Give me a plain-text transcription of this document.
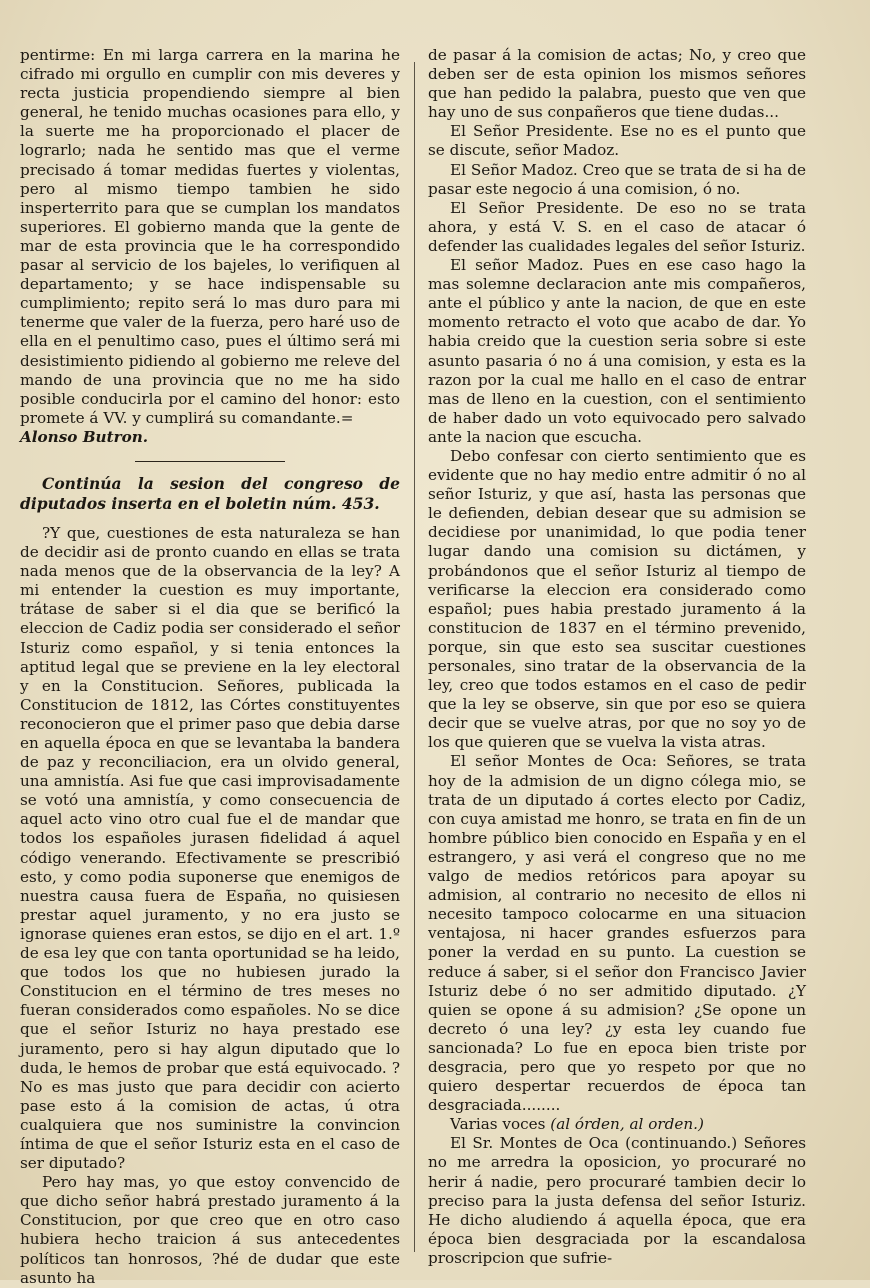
pentirme: En mi larga carrera en la marina he cifrado mi orgullo en cumplir con mis deveres y recta justicia propendiendo siempre al bien general, he tenido muchas ocasiones para ello, y la suerte me ha proporcionado el placer de lograrlo; nada he sentido mas que el verme precisado á tomar medidas fuertes y violentas, pero al mismo tiempo tambien he sido insperterrito para que se cumplan los mandatos superiores. El gobierno manda que la gente de mar de esta provincia que le ha correspondido pasar al servicio de los bajeles, lo verifiquen al departamento; y se hace indispensable su cumplimiento; repito será lo mas duro para mi tenerme que valer de la fuerza, pero haré uso de ella en el penultimo caso, pues el último será mi desistimiento pidiendo al gobierno me releve del mando de una provincia que no me ha sido posible conducirla por el camino del honor: esto promete á VV. y cumplirá su comandante.=

Alonso Butron.

Continúa la sesion del congreso de diputados inserta en el boletin núm. 453.

?Y que, cuestiones de esta naturaleza se han de decidir asi de pronto cuando en ellas se trata nada menos que de la observancia de la ley? A mi entender la cuestion es muy importante, trátase de saber si el dia que se berificó la eleccion de Cadiz podia ser considerado el señor Isturiz como español, y si tenia entonces la aptitud legal que se previene en la ley electoral y en la Constitucion. Señores, publicada la Constitucion de 1812, las Córtes constituyentes reconocieron que el primer paso que debia darse en aquella época en que se levantaba la bandera de paz y reconciliacion, era un olvido general, una amnistía. Asi fue que casi improvisadamente se votó una amnistía, y como consecuencia de aquel acto vino otro cual fue el de mandar que todos los españoles jurasen fidelidad á aquel código venerando. Efectivamente se prescribió esto, y como podia suponerse que enemigos de nuestra causa fuera de España, no quisiesen prestar aquel juramento, y no era justo se ignorase quienes eran estos, se dijo en el art. 1.º de esa ley que con tanta oportunidad se ha leido, que todos los que no hubiesen jurado la Constitucion en el término de tres meses no fueran considerados como españoles. No se dice que el señor Isturiz no haya prestado ese juramento, pero si hay algun diputado que lo duda, le hemos de probar que está equivocado. ?No es mas justo que para decidir con acierto pase esto á la comision de actas, ú otra cualquiera que nos suministre la convincion íntima de que el señor Isturiz esta en el caso de ser diputado?

Pero hay mas, yo que estoy convencido de que dicho señor habrá prestado juramento á la Constitucion, por que creo que en otro caso hubiera hecho traicion á sus antecedentes políticos tan honrosos, ?hé de dudar que este asunto ha

de pasar á la comision de actas; No, y creo que deben ser de esta opinion los mismos señores que han pedido la palabra, puesto que ven que hay uno de sus conpañeros que tiene dudas...

El Señor Presidente. Ese no es el punto que se discute, señor Madoz.

El Señor Madoz. Creo que se trata de si ha de pasar este negocio á una comision, ó no.

El Señor Presidente. De eso no se trata ahora, y está V. S. en el caso de atacar ó defender las cualidades legales del señor Isturiz.

El señor Madoz. Pues en ese caso hago la mas solemne declaracion ante mis compañeros, ante el público y ante la nacion, de que en este momento retracto el voto que acabo de dar. Yo habia creido que la cuestion seria sobre si este asunto pasaria ó no á una comision, y esta es la razon por la cual me hallo en el caso de entrar mas de lleno en la cuestion, con el sentimiento de haber dado un voto equivocado pero salvado ante la nacion que escucha.

Debo confesar con cierto sentimiento que es evidente que no hay medio entre admitir ó no al señor Isturiz, y que así, hasta las personas que le defienden, debian desear que su admision se decidiese por unanimidad, lo que podia tener lugar dando una comision su dictámen, y probándonos que el señor Isturiz al tiempo de verificarse la eleccion era considerado como español; pues habia prestado juramento á la constitucion de 1837 en el término prevenido, porque, sin que esto sea suscitar cuestiones personales, sino tratar de la observancia de la ley, creo que todos estamos en el caso de pedir que la ley se observe, sin que por eso se quiera decir que se vuelve atras, por que no soy yo de los que quieren que se vuelva la vista atras.

El señor Montes de Oca: Señores, se trata hoy de la admision de un digno cólega mio, se trata de un diputado á cortes electo por Cadiz, con cuya amistad me honro, se trata en fin de un hombre público bien conocido en España y en el estrangero, y asi verá el congreso que no me valgo de medios retóricos para apoyar su admision, al contrario no necesito de ellos ni necesito tampoco colocarme en una situacion ventajosa, ni hacer grandes esfuerzos para poner la verdad en su punto. La cuestion se reduce á saber, si el señor don Francisco Javier Isturiz debe ó no ser admitido diputado. ¿Y quien se opone á su admision? ¿Se opone un decreto ó una ley? ¿y esta ley cuando fue sancionada? Lo fue en epoca bien triste por desgracia, pero que yo respeto por que no quiero despertar recuerdos de época tan desgraciada........

Varias voces (al órden, al orden.)

El Sr. Montes de Oca (continuando.) Señores no me arredra la oposicion, yo procuraré no herir á nadie, pero procuraré tambien decir lo preciso para la justa defensa del señor Isturiz. He dicho aludiendo á aquella época, que era época bien desgraciada por la escandalosa proscripcion que sufrie-
